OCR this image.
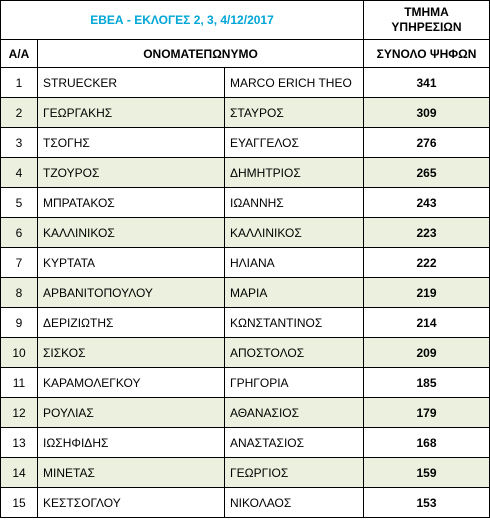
ΕΒΕΑ - ΕΚΛΟΓΕΣ 2, 3, 4/12/2017			ΤΜΗΜΑ
ΥΠΗΡΕΣΙΩΝ
Α/Α	ΟΝΟΜΑΤΕΠΩΝΥΜΟ		ΣΥΝΟΛΟ ΨΗΦΩΝ
1	STRUECKER	MARCO ERICH THEO	341
2	ΓΕΩΡΓΑΚΗΣ	ΣΤΑΥΡΟΣ	309
3	ΤΣΟΓΗΣ	ΕΥΑΓΓΕΛΟΣ	276
4	ΤΖΟΥΡΟΣ	ΔΗΜΗΤΡΙΟΣ	265
5	ΜΠΡΑΤΑΚΟΣ	ΙΩΑΝΝΗΣ	243
6	ΚΑΛΛΙΝΙΚΟΣ	ΚΑΛΛΙΝΙΚΟΣ	223
7	ΚΥΡΤΑΤΑ	ΗΛΙΑΝΑ	222
8	ΑΡΒΑΝΙΤΟΠΟΥΛΟΥ	ΜΑΡΙΑ	219
9	ΔΕΡΙΖΙΩΤΗΣ	ΚΩΝΣΤΑΝΤΙΝΟΣ	214
10	ΣΙΣΚΟΣ	ΑΠΟΣΤΟΛΟΣ	209
11	ΚΑΡΑΜΟΛΕΓΚΟΥ	ΓΡΗΓΟΡΙΑ	185
12	ΡΟΥΛΙΑΣ	ΑΘΑΝΑΣΙΟΣ	179
13	ΙΩΣΗΦΙΔΗΣ	ΑΝΑΣΤΑΣΙΟΣ	168
14	ΜΙΝΕΤΑΣ	ΓΕΩΡΓΙΟΣ	159
15	ΚΕΣΤΣΟΓΛΟΥ	ΝΙΚΟΛΑΟΣ	153
